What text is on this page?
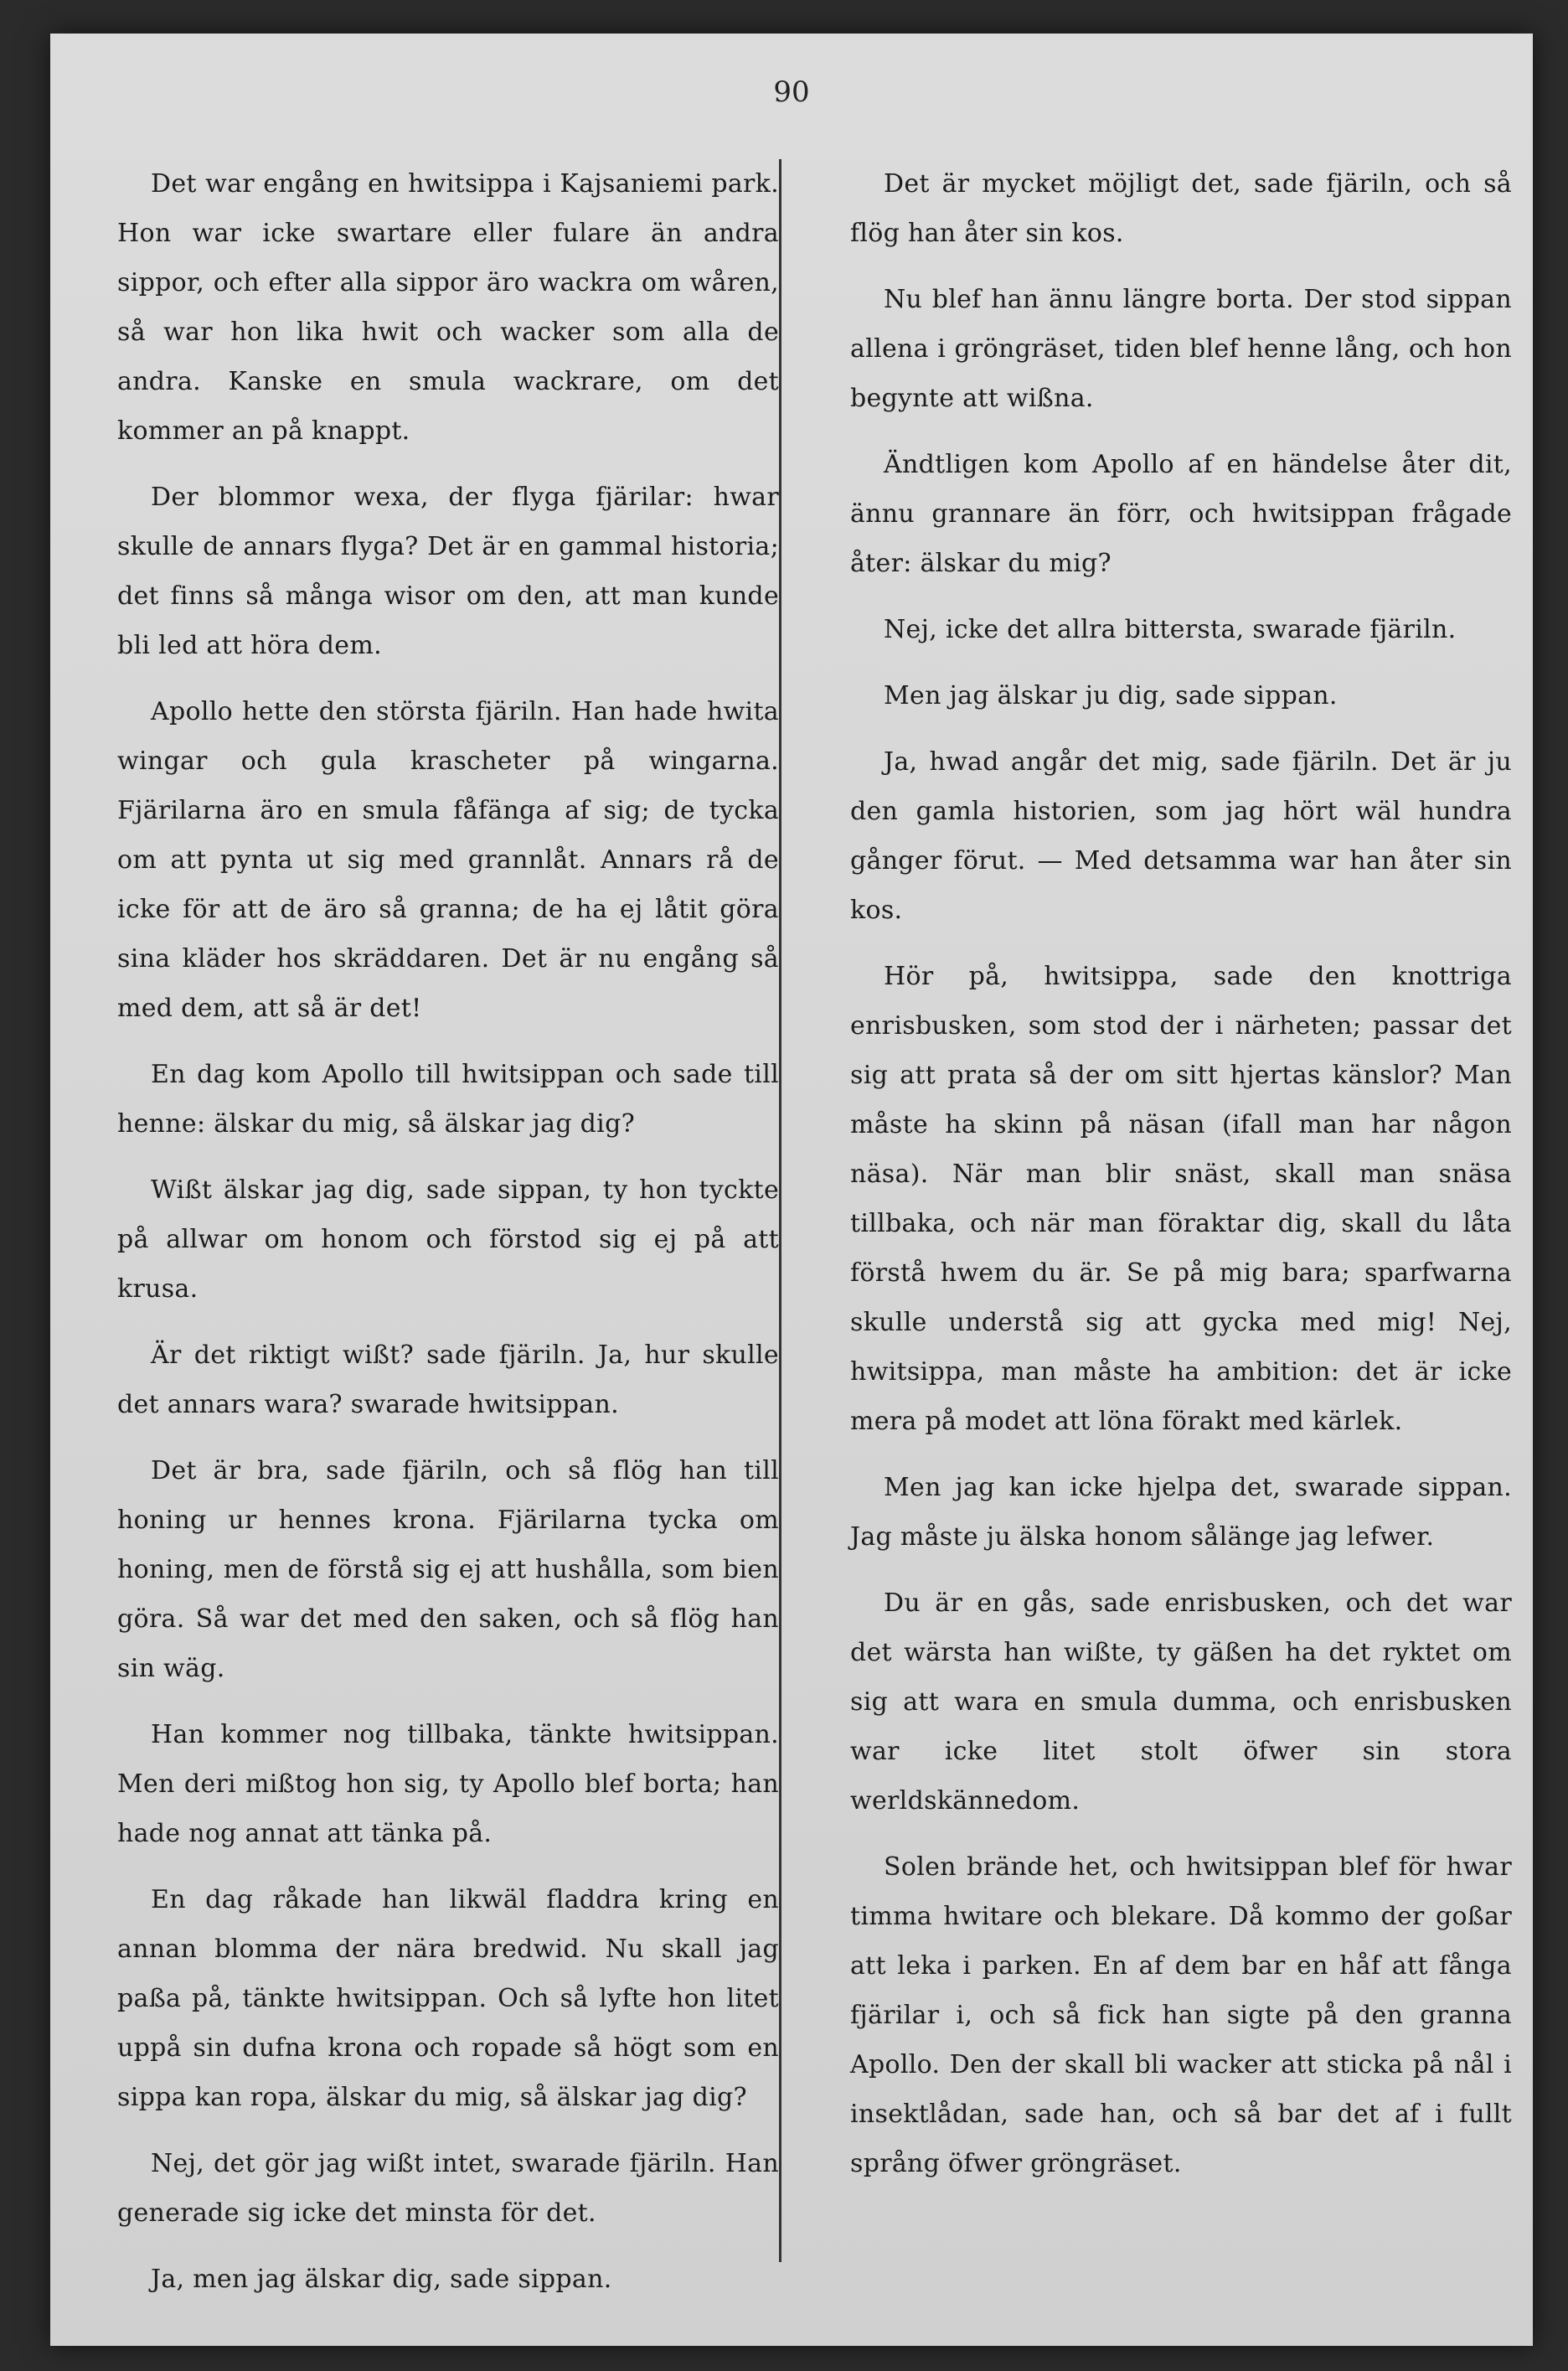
90

Det war engång en hwitsippa i Kajsaniemi park. Hon war icke swartare eller fulare än andra sippor, och efter alla sippor äro wackra om wåren, så war hon lika hwit och wacker som alla de andra. Kanske en smula wackrare, om det kommer an på knappt.

Der blommor wexa, der flyga fjärilar: hwar skulle de annars flyga? Det är en gammal historia; det finns så många wisor om den, att man kunde bli led att höra dem.

Apollo hette den största fjäriln. Han hade hwita wingar och gula krascheter på wingarna. Fjärilarna äro en smula fåfänga af sig; de tycka om att pynta ut sig med grannlåt. Annars rå de icke för att de äro så granna; de ha ej låtit göra sina kläder hos skräddaren. Det är nu engång så med dem, att så är det!

En dag kom Apollo till hwitsippan och sade till henne: älskar du mig, så älskar jag dig?

Wißt älskar jag dig, sade sippan, ty hon tyckte på allwar om honom och förstod sig ej på att krusa.

Är det riktigt wißt? sade fjäriln. Ja, hur skulle det annars wara? swarade hwitsippan.

Det är bra, sade fjäriln, och så flög han till honing ur hennes krona. Fjärilarna tycka om honing, men de förstå sig ej att hushålla, som bien göra. Så war det med den saken, och så flög han sin wäg.

Han kommer nog tillbaka, tänkte hwitsippan. Men deri mißtog hon sig, ty Apollo blef borta; han hade nog annat att tänka på.

En dag råkade han likwäl fladdra kring en annan blomma der nära bredwid. Nu skall jag paßa på, tänkte hwitsippan. Och så lyfte hon litet uppå sin dufna krona och ropade så högt som en sippa kan ropa, älskar du mig, så älskar jag dig?

Nej, det gör jag wißt intet, swarade fjäriln. Han generade sig icke det minsta för det.

Ja, men jag älskar dig, sade sippan.

Det är mycket möjligt det, sade fjäriln, och så flög han åter sin kos.

Nu blef han ännu längre borta. Der stod sippan allena i gröngräset, tiden blef henne lång, och hon begynte att wißna.

Ändtligen kom Apollo af en händelse åter dit, ännu grannare än förr, och hwitsippan frågade åter: älskar du mig?

Nej, icke det allra bittersta, swarade fjäriln.

Men jag älskar ju dig, sade sippan.

Ja, hwad angår det mig, sade fjäriln. Det är ju den gamla historien, som jag hört wäl hundra gånger förut. — Med detsamma war han åter sin kos.

Hör på, hwitsippa, sade den knottriga enrisbusken, som stod der i närheten; passar det sig att prata så der om sitt hjertas känslor? Man måste ha skinn på näsan (ifall man har någon näsa). När man blir snäst, skall man snäsa tillbaka, och när man föraktar dig, skall du låta förstå hwem du är. Se på mig bara; sparfwarna skulle understå sig att gycka med mig! Nej, hwitsippa, man måste ha ambition: det är icke mera på modet att löna förakt med kärlek.

Men jag kan icke hjelpa det, swarade sippan. Jag måste ju älska honom sålänge jag lefwer.

Du är en gås, sade enrisbusken, och det war det wärsta han wißte, ty gäßen ha det ryktet om sig att wara en smula dumma, och enrisbusken war icke litet stolt öfwer sin stora werldskännedom.

Solen brände het, och hwitsippan blef för hwar timma hwitare och blekare. Då kommo der goßar att leka i parken. En af dem bar en håf att fånga fjärilar i, och så fick han sigte på den granna Apollo. Den der skall bli wacker att sticka på nål i insektlådan, sade han, och så bar det af i fullt språng öfwer gröngräset.
